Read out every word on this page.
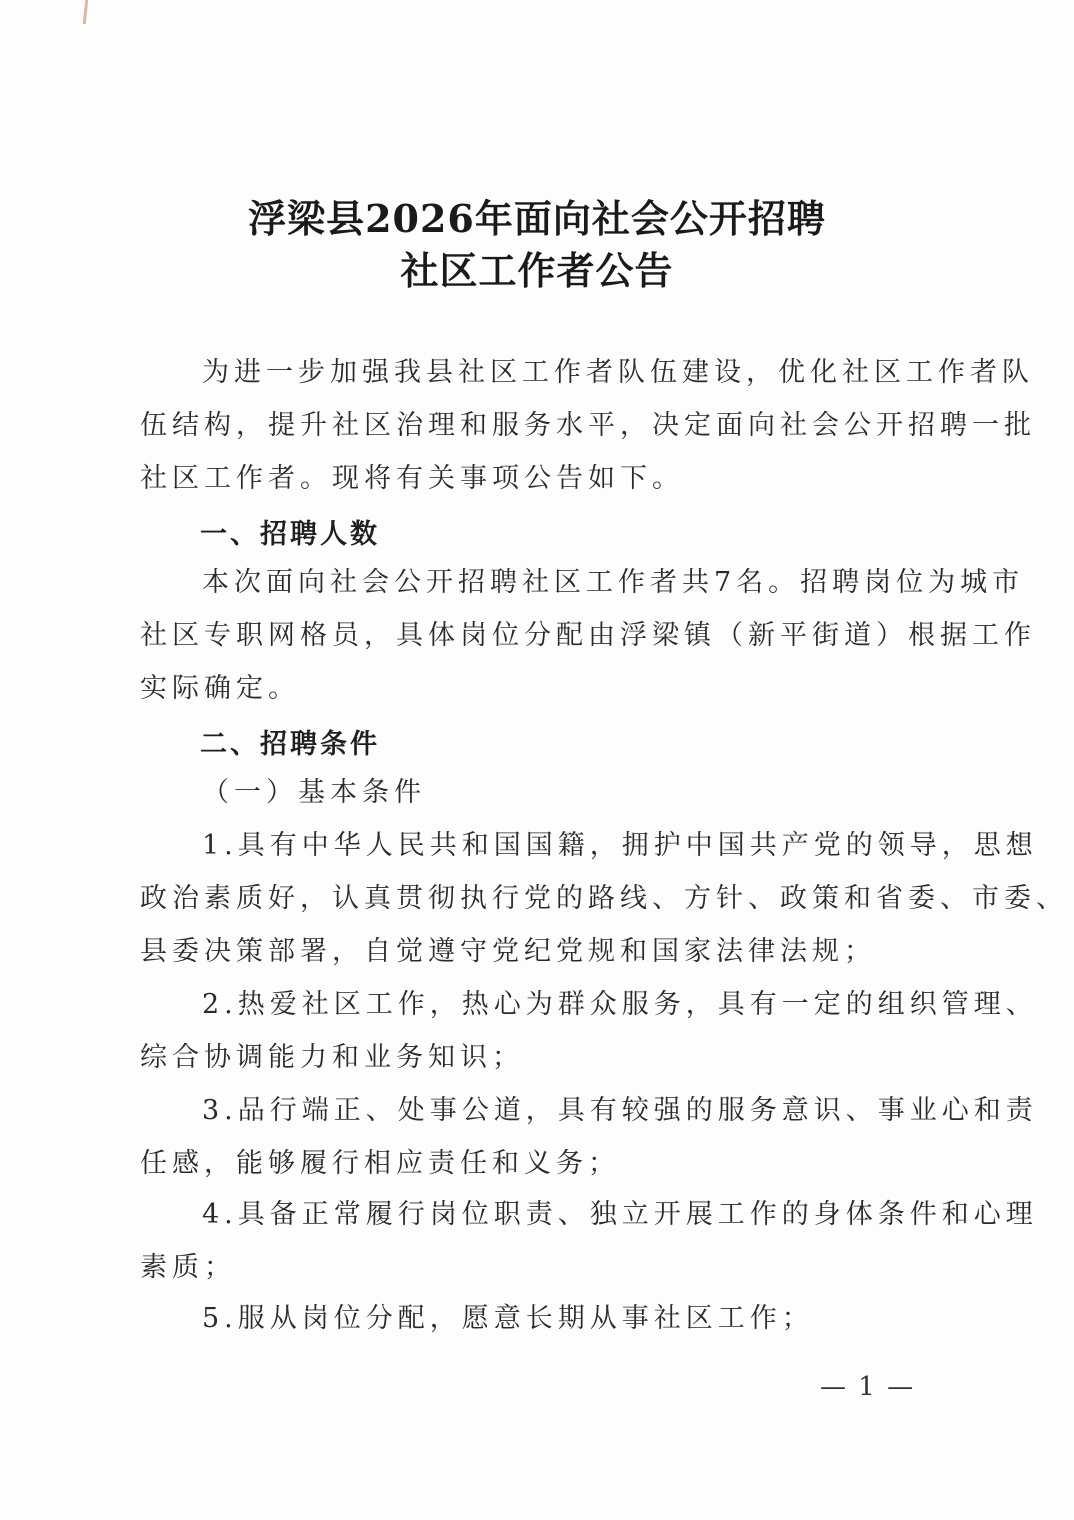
浮梁县2026年面向社会公开招聘
社区工作者公告
为进一步加强我县社区工作者队伍建设，优化社区工作者队
伍结构，提升社区治理和服务水平，决定面向社会公开招聘一批
社区工作者。现将有关事项公告如下。
一、招聘人数
本次面向社会公开招聘社区工作者共7名。招聘岗位为城市
社区专职网格员，具体岗位分配由浮梁镇（新平街道）根据工作
实际确定。
二、招聘条件
（一）基本条件
1.具有中华人民共和国国籍，拥护中国共产党的领导，思想
政治素质好，认真贯彻执行党的路线、方针、政策和省委、市委、
县委决策部署，自觉遵守党纪党规和国家法律法规；
2.热爱社区工作，热心为群众服务，具有一定的组织管理、
综合协调能力和业务知识；
3.品行端正、处事公道，具有较强的服务意识、事业心和责
任感，能够履行相应责任和义务；
4.具备正常履行岗位职责、独立开展工作的身体条件和心理
素质；
5.服从岗位分配，愿意长期从事社区工作；
— 1 —
